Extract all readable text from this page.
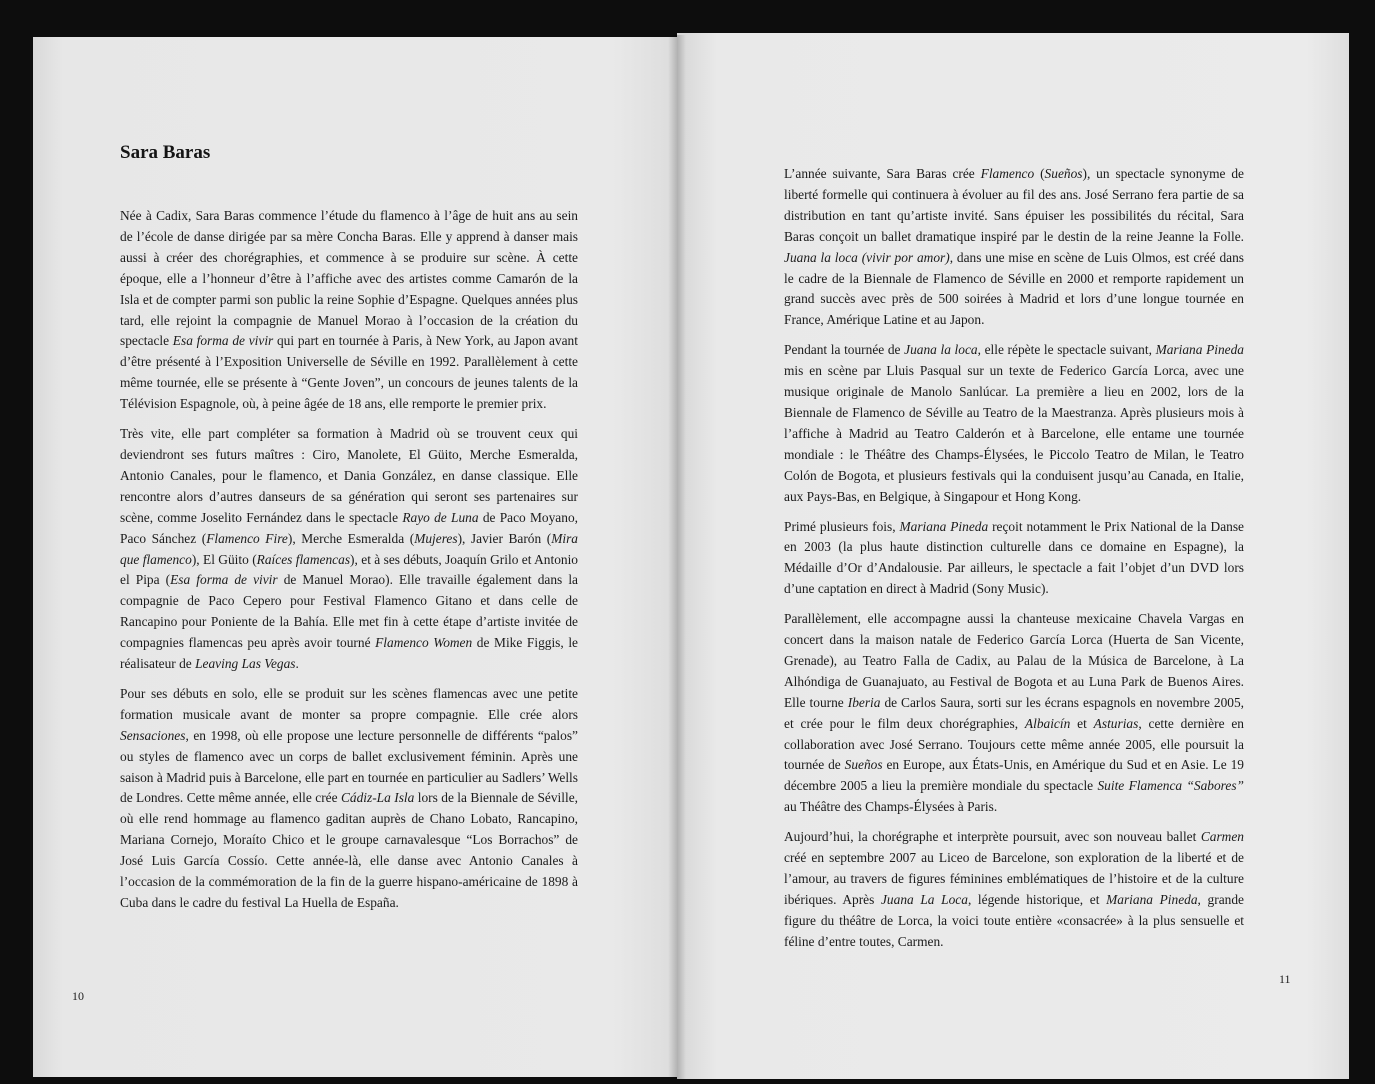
Sara Baras

Née à Cadix, Sara Baras commence l’étude du flamenco à l’âge de huit ans au sein de l’école de danse dirigée par sa mère Concha Baras. Elle y apprend à danser mais aussi à créer des chorégraphies, et commence à se produire sur scène. À cette époque, elle a l’honneur d’être à l’affiche avec des artistes comme Camarón de la Isla et de compter parmi son public la reine Sophie d’Espagne. Quelques années plus tard, elle rejoint la compagnie de Manuel Morao à l’occasion de la création du spectacle Esa forma de vivir qui part en tournée à Paris, à New York, au Japon avant d’être présenté à l’Exposition Universelle de Séville en 1992. Parallèlement à cette même tournée, elle se présente à “Gente Joven”, un concours de jeunes talents de la Télévision Espagnole, où, à peine âgée de 18 ans, elle remporte le premier prix.

Très vite, elle part compléter sa formation à Madrid où se trouvent ceux qui deviendront ses futurs maîtres : Ciro, Manolete, El Güito, Merche Esmeralda, Antonio Canales, pour le flamenco, et Dania González, en danse classique. Elle rencontre alors d’autres danseurs de sa génération qui seront ses partenaires sur scène, comme Joselito Fernández dans le spectacle Rayo de Luna de Paco Moyano, Paco Sánchez (Flamenco Fire), Merche Esmeralda (Mujeres), Javier Barón (Mira que flamenco), El Güito (Raíces flamencas), et à ses débuts, Joaquín Grilo et Antonio el Pipa (Esa forma de vivir de Manuel Morao). Elle travaille également dans la compagnie de Paco Cepero pour Festival Flamenco Gitano et dans celle de Rancapino pour Poniente de la Bahía. Elle met fin à cette étape d’artiste invitée de compagnies flamencas peu après avoir tourné Flamenco Women de Mike Figgis, le réalisateur de Leaving Las Vegas.

Pour ses débuts en solo, elle se produit sur les scènes flamencas avec une petite formation musicale avant de monter sa propre compagnie. Elle crée alors Sensaciones, en 1998, où elle propose une lecture personnelle de différents “palos” ou styles de flamenco avec un corps de ballet exclusivement féminin. Après une saison à Madrid puis à Barcelone, elle part en tournée en particulier au Sadlers’ Wells de Londres. Cette même année, elle crée Cádiz-La Isla lors de la Biennale de Séville, où elle rend hommage au flamenco gaditan auprès de Chano Lobato, Rancapino, Mariana Cornejo, Moraíto Chico et le groupe carnavalesque “Los Borrachos” de José Luis García Cossío. Cette année-là, elle danse avec Antonio Canales à l’occasion de la commémoration de la fin de la guerre hispano-américaine de 1898 à Cuba dans le cadre du festival La Huella de España.

10

L’année suivante, Sara Baras crée Flamenco (Sueños), un spectacle synonyme de liberté formelle qui continuera à évoluer au fil des ans. José Serrano fera partie de sa distribution en tant qu’artiste invité. Sans épuiser les possibilités du récital, Sara Baras conçoit un ballet dramatique inspiré par le destin de la reine Jeanne la Folle. Juana la loca (vivir por amor), dans une mise en scène de Luis Olmos, est créé dans le cadre de la Biennale de Flamenco de Séville en 2000 et remporte rapidement un grand succès avec près de 500 soirées à Madrid et lors d’une longue tournée en France, Amérique Latine et au Japon.

Pendant la tournée de Juana la loca, elle répète le spectacle suivant, Mariana Pineda mis en scène par Lluis Pasqual sur un texte de Federico García Lorca, avec une musique originale de Manolo Sanlúcar. La première a lieu en 2002, lors de la Biennale de Flamenco de Séville au Teatro de la Maestranza. Après plusieurs mois à l’affiche à Madrid au Teatro Calderón et à Barcelone, elle entame une tournée mondiale : le Théâtre des Champs-Élysées, le Piccolo Teatro de Milan, le Teatro Colón de Bogota, et plusieurs festivals qui la conduisent jusqu’au Canada, en Italie, aux Pays-Bas, en Belgique, à Singapour et Hong Kong.

Primé plusieurs fois, Mariana Pineda reçoit notamment le Prix National de la Danse en 2003 (la plus haute distinction culturelle dans ce domaine en Espagne), la Médaille d’Or d’Andalousie. Par ailleurs, le spectacle a fait l’objet d’un DVD lors d’une captation en direct à Madrid (Sony Music).

Parallèlement, elle accompagne aussi la chanteuse mexicaine Chavela Vargas en concert dans la maison natale de Federico García Lorca (Huerta de San Vicente, Grenade), au Teatro Falla de Cadix, au Palau de la Música de Barcelone, à La Alhóndiga de Guanajuato, au Festival de Bogota et au Luna Park de Buenos Aires. Elle tourne Iberia de Carlos Saura, sorti sur les écrans espagnols en novembre 2005, et crée pour le film deux chorégraphies, Albaicín et Asturias, cette dernière en collaboration avec José Serrano. Toujours cette même année 2005, elle poursuit la tournée de Sueños en Europe, aux États-Unis, en Amérique du Sud et en Asie. Le 19 décembre 2005 a lieu la première mondiale du spectacle Suite Flamenca “Sabores” au Théâtre des Champs-Élysées à Paris.

Aujourd’hui, la chorégraphe et interprète poursuit, avec son nouveau ballet Carmen créé en septembre 2007 au Liceo de Barcelone, son exploration de la liberté et de l’amour, au travers de figures féminines emblématiques de l’histoire et de la culture ibériques. Après Juana La Loca, légende historique, et Mariana Pineda, grande figure du théâtre de Lorca, la voici toute entière «consacrée» à la plus sensuelle et féline d’entre toutes, Carmen.

11
